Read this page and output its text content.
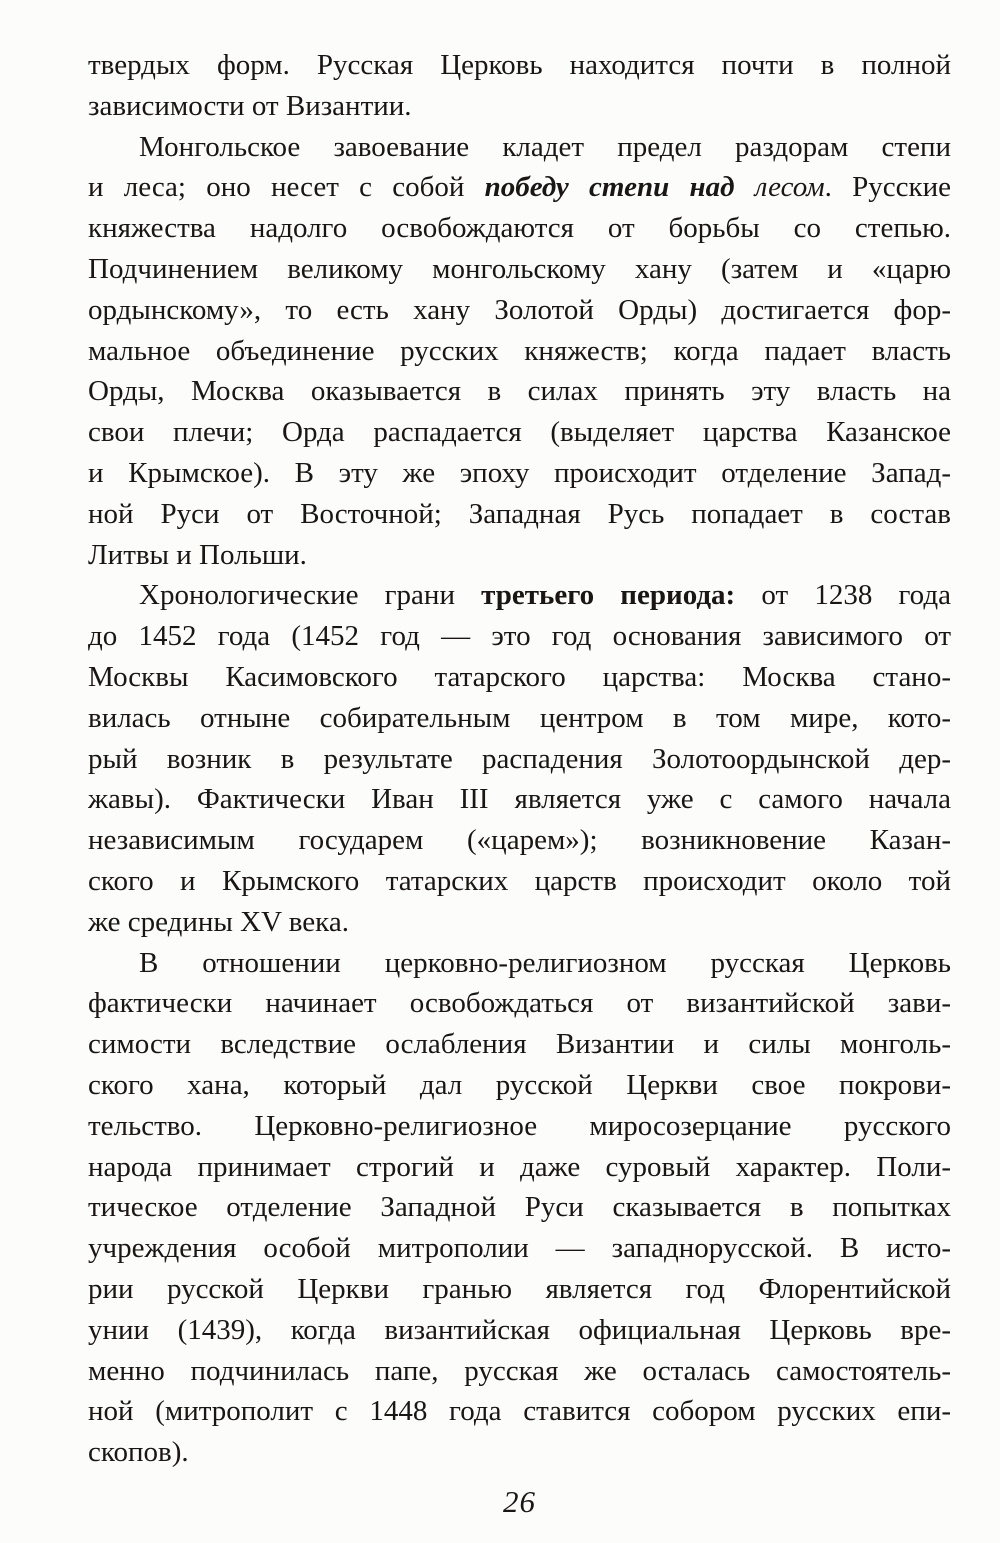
твердых форм. Русская Церковь находится почти в полной
зависимости от Византии.
Монгольское завоевание кладет предел раздорам степи
и леса; оно несет с собой победу степи над лесом. Русские
княжества надолго освобождаются от борьбы со степью.
Подчинением великому монгольскому хану (затем и «царю
ордынскому», то есть хану Золотой Орды) достигается фор-
мальное объединение русских княжеств; когда падает власть
Орды, Москва оказывается в силах принять эту власть на
свои плечи; Орда распадается (выделяет царства Казанское
и Крымское). В эту же эпоху происходит отделение Запад-
ной Руси от Восточной; Западная Русь попадает в состав
Литвы и Польши.
Хронологические грани третьего периода: от 1238 года
до 1452 года (1452 год — это год основания зависимого от
Москвы Касимовского татарского царства: Москва стано-
вилась отныне собирательным центром в том мире, кото-
рый возник в результате распадения Золотоордынской дер-
жавы). Фактически Иван III является уже с самого начала
независимым государем («царем»); возникновение Казан-
ского и Крымского татарских царств происходит около той
же средины XV века.
В отношении церковно-религиозном русская Церковь
фактически начинает освобождаться от византийской зави-
симости вследствие ослабления Византии и силы монголь-
ского хана, который дал русской Церкви свое покрови-
тельство. Церковно-религиозное миросозерцание русского
народа принимает строгий и даже суровый характер. Поли-
тическое отделение Западной Руси сказывается в попытках
учреждения особой митрополии — западнорусской. В исто-
рии русской Церкви гранью является год Флорентийской
унии (1439), когда византийская официальная Церковь вре-
менно подчинилась папе, русская же осталась самостоятель-
ной (митрополит с 1448 года ставится собором русских епи-
скопов).
26
